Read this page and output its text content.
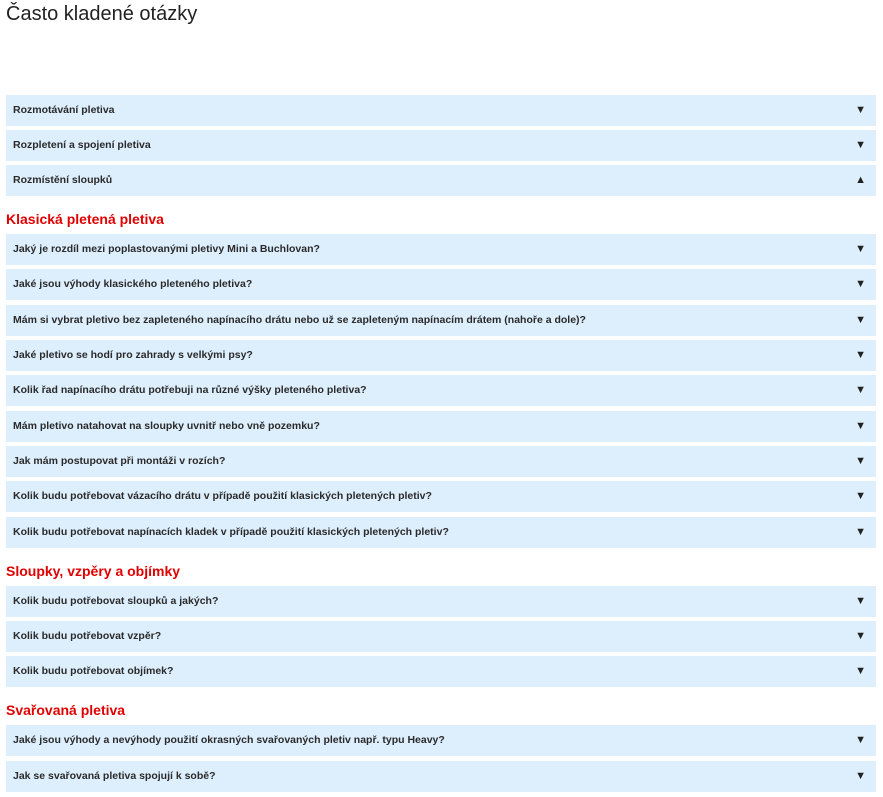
Často kladené otázky
Rozmotávání pletiva	▼
Rozpletení a spojení pletiva	▼
Rozmístění sloupků	▲
Klasická pletená pletiva
Jaký je rozdíl mezi poplastovanými pletivy Mini a Buchlovan?	▼
Jaké jsou výhody klasického pleteného pletiva?	▼
Mám si vybrat pletivo bez zapleteného napínacího drátu nebo už se zapleteným napínacím drátem (nahoře a dole)?	▼
Jaké pletivo se hodí pro zahrady s velkými psy?	▼
Kolik řad napínacího drátu potřebuji na různé výšky pleteného pletiva?	▼
Mám pletivo natahovat na sloupky uvnitř nebo vně pozemku?	▼
Jak mám postupovat při montáži v rozích?	▼
Kolik budu potřebovat vázacího drátu v případě použití klasických pletených pletiv?	▼
Kolik budu potřebovat napínacích kladek v případě použití klasických pletených pletiv?	▼
Sloupky, vzpěry a objímky
Kolik budu potřebovat sloupků a jakých?	▼
Kolik budu potřebovat vzpěr?	▼
Kolik budu potřebovat objímek?	▼
Svařovaná pletiva
Jaké jsou výhody a nevýhody použití okrasných svařovaných pletiv např. typu Heavy?	▼
Jak se svařovaná pletiva spojují k sobě?	▼
